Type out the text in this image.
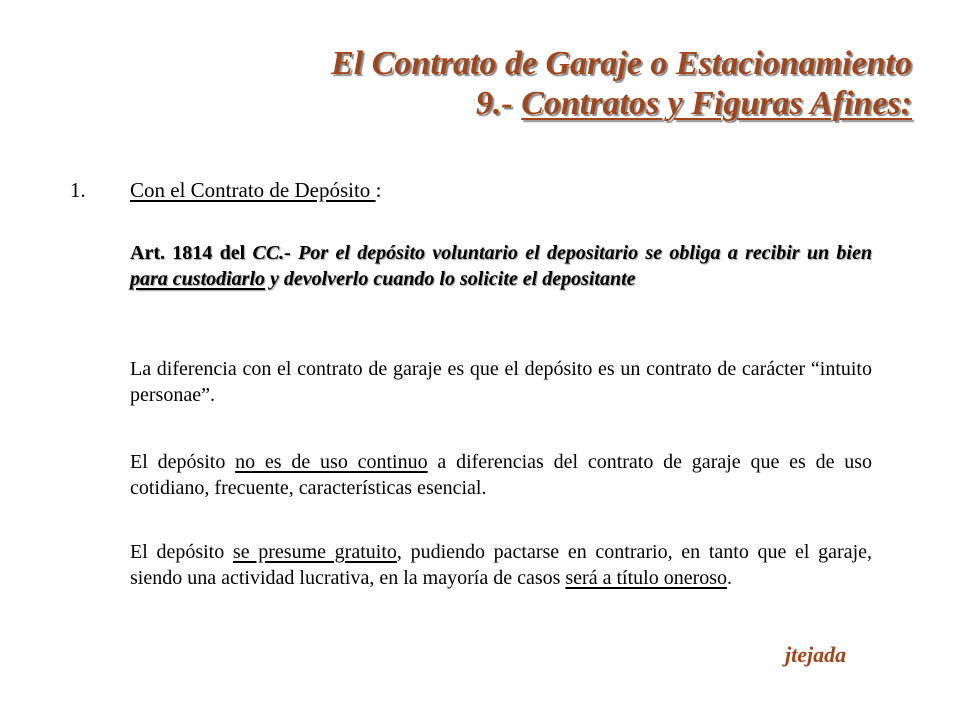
El Contrato de Garaje o Estacionamiento
9.- Contratos y Figuras Afines:
1. Con el Contrato de Depósito :
Art. 1814 del CC.- Por el depósito voluntario el depositario se obliga a recibir un bien para custodiarlo y devolverlo cuando lo solicite el depositante
La diferencia con el contrato de garaje es que el depósito es un contrato de carácter “intuito personae”.
El depósito no es de uso continuo a diferencias del contrato de garaje que es de uso cotidiano, frecuente, características esencial.
El depósito se presume gratuito, pudiendo pactarse en contrario, en tanto que el garaje, siendo una actividad lucrativa, en la mayoría de casos será a título oneroso.
jtejada
